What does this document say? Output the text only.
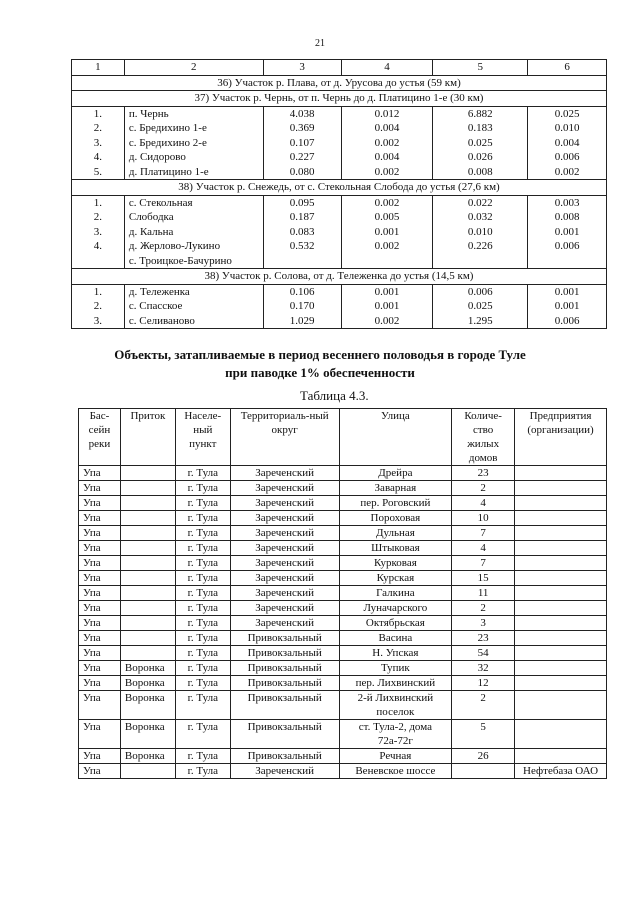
21
1	2	3	4	5	6
36) Участок р. Плава, от д. Урусова до устья (59 км)					
37) Участок р. Чернь, от п. Чернь до д. Платицино 1-е (30 км)					
1.	п. Чернь	4.038	0.012	6.882	0.025
2.	с. Бредихино 1-е	0.369	0.004	0.183	0.010
3.	с. Бредихино 2-е	0.107	0.002	0.025	0.004
4.	д. Сидорово	0.227	0.004	0.026	0.006
5.	д. Платицино 1-е	0.080	0.002	0.008	0.002
38) Участок р. Снежедь, от с. Стекольная Слобода до устья (27,6 км)					
1.	с. Стекольная	0.095	0.002	0.022	0.003
2.	Слободка	0.187	0.005	0.032	0.008
3.	д. Кальна	0.083	0.001	0.010	0.001
4.	д. Жерлово-Лукино	0.532	0.002	0.226	0.006
	с. Троицкое-Бачурино				
38) Участок р. Солова, от д. Тележенка до устья (14,5 км)					
1.	д. Тележенка	0.106	0.001	0.006	0.001
2.	с. Спасское	0.170	0.001	0.025	0.001
3.	с. Селиваново	1.029	0.002	1.295	0.006
Объекты, затапливаемые в период весеннего половодья в городе Туле
при паводке 1% обеспеченности
Таблица 4.3.
Бас-сейн реки	Приток	Населе-ный пункт	Территориаль-ный округ	Улица	Количе-ство жилых домов	Предприятия (организации)
Упа		г. Тула	Зареченский	Дрейра	23	
Упа		г. Тула	Зареченский	Заварная	2	
Упа		г. Тула	Зареченский	пер. Роговский	4	
Упа		г. Тула	Зареченский	Пороховая	10	
Упа		г. Тула	Зареченский	Дульная	7	
Упа		г. Тула	Зареченский	Штыковая	4	
Упа		г. Тула	Зареченский	Курковая	7	
Упа		г. Тула	Зареченский	Курская	15	
Упа		г. Тула	Зареченский	Галкина	11	
Упа		г. Тула	Зареченский	Луначарского	2	
Упа		г. Тула	Зареченский	Октябрьская	3	
Упа		г. Тула	Привокзальный	Васина	23	
Упа		г. Тула	Привокзальный	Н. Упская	54	
Упа	Воронка	г. Тула	Привокзальный	Тупик	32	
Упа	Воронка	г. Тула	Привокзальный	пер. Лихвинский	12	
Упа	Воронка	г. Тула	Привокзальный	2-й Лихвинский поселок	2	
Упа	Воронка	г. Тула	Привокзальный	ст. Тула-2, дома 72а-72г	5	
Упа	Воронка	г. Тула	Привокзальный	Речная	26	
Упа		г. Тула	Зареченский	Веневское шоссе		Нефтебаза ОАО
